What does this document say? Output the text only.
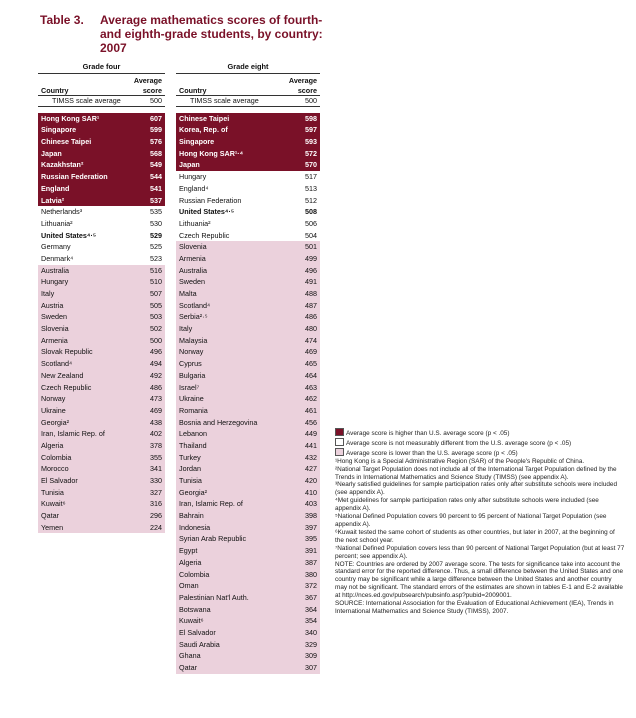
Table 3.	Average mathematics scores of fourth- and eighth-grade students, by country: 2007
Grade four
Average
Country	score
TIMSS scale average	500
Hong Kong SAR¹	607
Singapore	599
Chinese Taipei	576
Japan	568
Kazakhstan²	549
Russian Federation	544
England	541
Latvia²	537
Netherlands³	535
Lithuania²	530
United States⁴·⁵	529
Germany	525
Denmark⁴	523
Australia	516
Hungary	510
Italy	507
Austria	505
Sweden	503
Slovenia	502
Armenia	500
Slovak Republic	496
Scotland⁴	494
New Zealand	492
Czech Republic	486
Norway	473
Ukraine	469
Georgia²	438
Iran, Islamic Rep. of	402
Algeria	378
Colombia	355
Morocco	341
El Salvador	330
Tunisia	327
Kuwait⁶	316
Qatar	296
Yemen	224
Grade eight
Average
Country	score
TIMSS scale average	500
Chinese Taipei	598
Korea, Rep. of	597
Singapore	593
Hong Kong SAR¹·⁴	572
Japan	570
Hungary	517
England⁴	513
Russian Federation	512
United States⁴·⁵	508
Lithuania²	506
Czech Republic	504
Slovenia	501
Armenia	499
Australia	496
Sweden	491
Malta	488
Scotland⁴	487
Serbia²·⁵	486
Italy	480
Malaysia	474
Norway	469
Cyprus	465
Bulgaria	464
Israel⁷	463
Ukraine	462
Romania	461
Bosnia and Herzegovina	456
Lebanon	449
Thailand	441
Turkey	432
Jordan	427
Tunisia	420
Georgia²	410
Iran, Islamic Rep. of	403
Bahrain	398
Indonesia	397
Syrian Arab Republic	395
Egypt	391
Algeria	387
Colombia	380
Oman	372
Palestinian Nat'l Auth.	367
Botswana	364
Kuwait⁶	354
El Salvador	340
Saudi Arabia	329
Ghana	309
Qatar	307

Average score is higher than U.S. average score (p < .05)

Average score is not measurably different from the U.S. average score (p < .05)

Average score is lower than the U.S. average score (p < .05)

¹Hong Kong is a Special Administrative Region (SAR) of the People's Republic of China.

²National Target Population does not include all of the International Target Population defined by the Trends in International Mathematics and Science Study (TIMSS) (see appendix A).

³Nearly satisfied guidelines for sample participation rates only after substitute schools were included (see appendix A).

⁴Met guidelines for sample participation rates only after substitute schools were included (see appendix A).

⁵National Defined Population covers 90 percent to 95 percent of National Target Population (see appendix A).

⁶Kuwait tested the same cohort of students as other countries, but later in 2007, at the beginning of the next school year.

⁷National Defined Population covers less than 90 percent of National Target Population (but at least 77 percent; see appendix A).

NOTE: Countries are ordered by 2007 average score. The tests for significance take into account the standard error for the reported difference. Thus, a small difference between the United States and one country may be significant while a large difference between the United States and another country may not be significant. The standard errors of the estimates are shown in tables E-1 and E-2 available at http://nces.ed.gov/pubsearch/pubsinfo.asp?pubid=2009001.

SOURCE: International Association for the Evaluation of Educational Achievement (IEA), Trends in International Mathematics and Science Study (TIMSS), 2007.
